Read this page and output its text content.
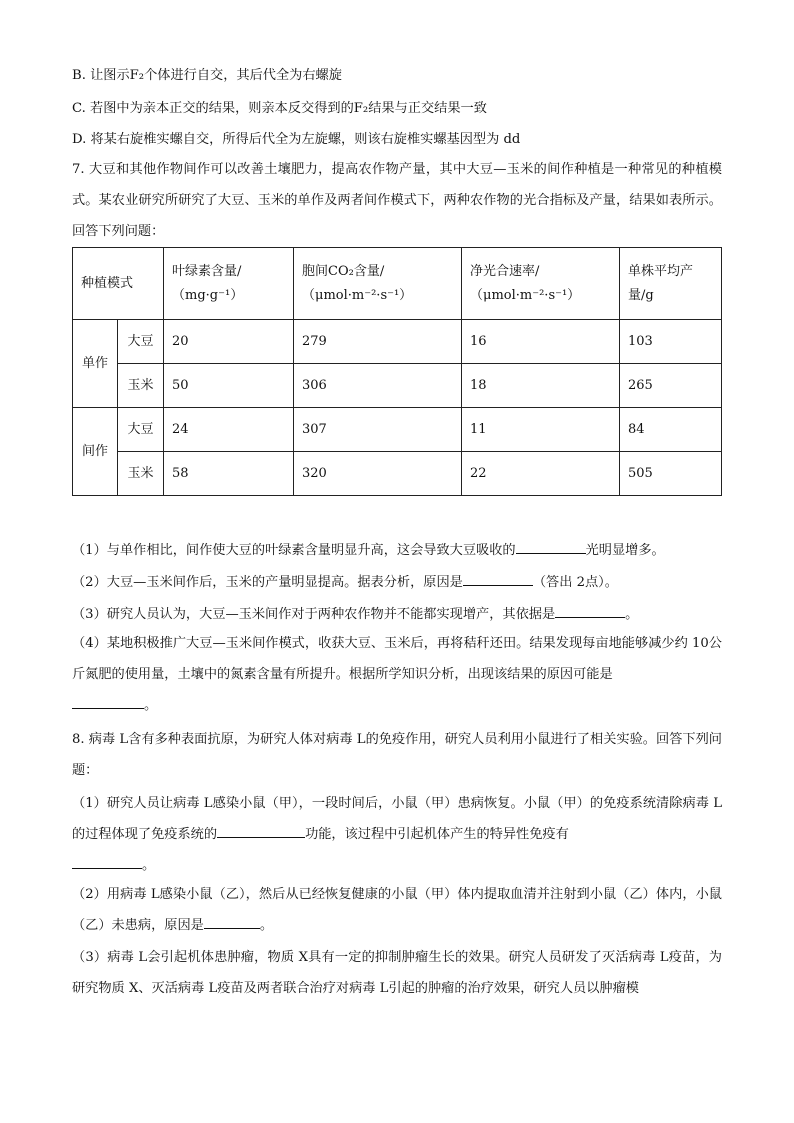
B. 让图示F₂个体进行自交，其后代全为右螺旋
C. 若图中为亲本正交的结果，则亲本反交得到的F₂结果与正交结果一致
D. 将某右旋椎实螺自交，所得后代全为左旋螺，则该右旋椎实螺基因型为 dd
7. 大豆和其他作物间作可以改善土壤肥力，提高农作物产量，其中大豆—玉米的间作种植是一种常见的种植模式。某农业研究所研究了大豆、玉米的单作及两者间作模式下，两种农作物的光合指标及产量，结果如表所示。回答下列问题：
种植模式		叶绿素含量/（mg·g⁻¹）	胞间CO₂含量/（μmol·m⁻²·s⁻¹）	净光合速率/（μmol·m⁻²·s⁻¹）	单株平均产量/g
单作	大豆	20	279	16	103
	玉米	50	306	18	265
间作	大豆	24	307	11	84
	玉米	58	320	22	505
（1）与单作相比，间作使大豆的叶绿素含量明显升高，这会导致大豆吸收的	光明显增多。
（2）大豆—玉米间作后，玉米的产量明显提高。据表分析，原因是	（答出 2点）。
（3）研究人员认为，大豆—玉米间作对于两种农作物并不能都实现增产，其依据是	。
（4）某地积极推广大豆—玉米间作模式，收获大豆、玉米后，再将秸秆还田。结果发现每亩地能够减少约 10公斤氮肥的使用量，土壤中的氮素含量有所提升。根据所学知识分析，出现该结果的原因可能是
。
8. 病毒 L含有多种表面抗原，为研究人体对病毒 L的免疫作用，研究人员利用小鼠进行了相关实验。回答下列问题：
（1）研究人员让病毒 L感染小鼠（甲），一段时间后，小鼠（甲）患病恢复。小鼠（甲）的免疫系统清除病毒 L的过程体现了免疫系统的	功能，该过程中引起机体产生的特异性免疫有
。
（2）用病毒 L感染小鼠（乙），然后从已经恢复健康的小鼠（甲）体内提取血清并注射到小鼠（乙）体内，小鼠（乙）未患病，原因是	。
（3）病毒 L会引起机体患肿瘤，物质 X具有一定的抑制肿瘤生长的效果。研究人员研发了灭活病毒 L疫苗，为研究物质 X、灭活病毒 L疫苗及两者联合治疗对病毒 L引起的肿瘤的治疗效果，研究人员以肿瘤模
